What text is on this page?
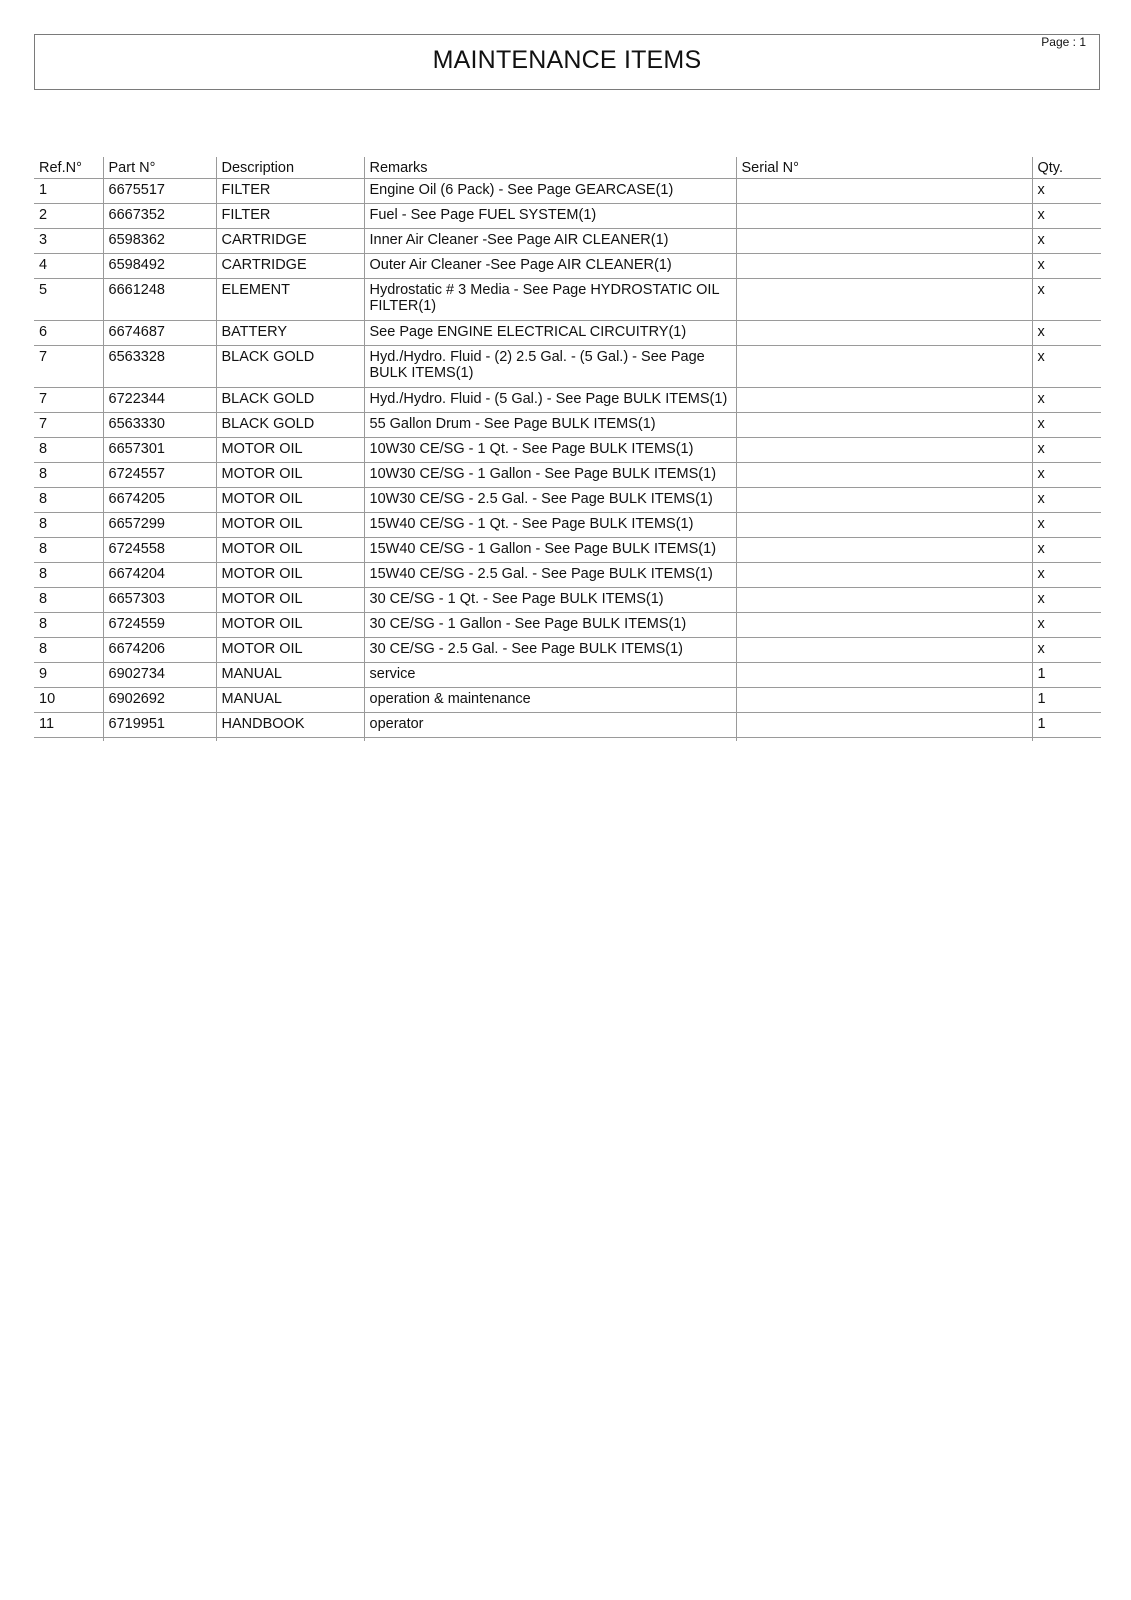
Page : 1
MAINTENANCE ITEMS
Ref.N°	Part N°	Description	Remarks	Serial N°	Qty.
1	6675517	FILTER	Engine Oil (6 Pack) - See Page GEARCASE(1)		x
2	6667352	FILTER	Fuel - See Page FUEL SYSTEM(1)		x
3	6598362	CARTRIDGE	Inner Air Cleaner -See Page AIR CLEANER(1)		x
4	6598492	CARTRIDGE	Outer Air Cleaner -See Page AIR CLEANER(1)		x
5	6661248	ELEMENT	Hydrostatic # 3 Media - See Page HYDROSTATIC OIL FILTER(1)		x
6	6674687	BATTERY	See Page ENGINE ELECTRICAL CIRCUITRY(1)		x
7	6563328	BLACK GOLD	Hyd./Hydro. Fluid - (2) 2.5 Gal. - (5 Gal.) - See Page BULK ITEMS(1)		x
7	6722344	BLACK GOLD	Hyd./Hydro. Fluid - (5 Gal.) - See Page BULK ITEMS(1)		x
7	6563330	BLACK GOLD	55 Gallon Drum - See Page BULK ITEMS(1)		x
8	6657301	MOTOR OIL	10W30 CE/SG - 1 Qt. - See Page BULK ITEMS(1)		x
8	6724557	MOTOR OIL	10W30 CE/SG - 1 Gallon - See Page BULK ITEMS(1)		x
8	6674205	MOTOR OIL	10W30 CE/SG - 2.5 Gal. - See Page BULK ITEMS(1)		x
8	6657299	MOTOR OIL	15W40 CE/SG - 1 Qt. - See Page BULK ITEMS(1)		x
8	6724558	MOTOR OIL	15W40 CE/SG - 1 Gallon - See Page BULK ITEMS(1)		x
8	6674204	MOTOR OIL	15W40 CE/SG - 2.5 Gal. - See Page BULK ITEMS(1)		x
8	6657303	MOTOR OIL	30 CE/SG - 1 Qt. - See Page BULK ITEMS(1)		x
8	6724559	MOTOR OIL	30 CE/SG - 1 Gallon - See Page BULK ITEMS(1)		x
8	6674206	MOTOR OIL	30 CE/SG - 2.5 Gal. - See Page BULK ITEMS(1)		x
9	6902734	MANUAL	service		1
10	6902692	MANUAL	operation & maintenance		1
11	6719951	HANDBOOK	operator		1
